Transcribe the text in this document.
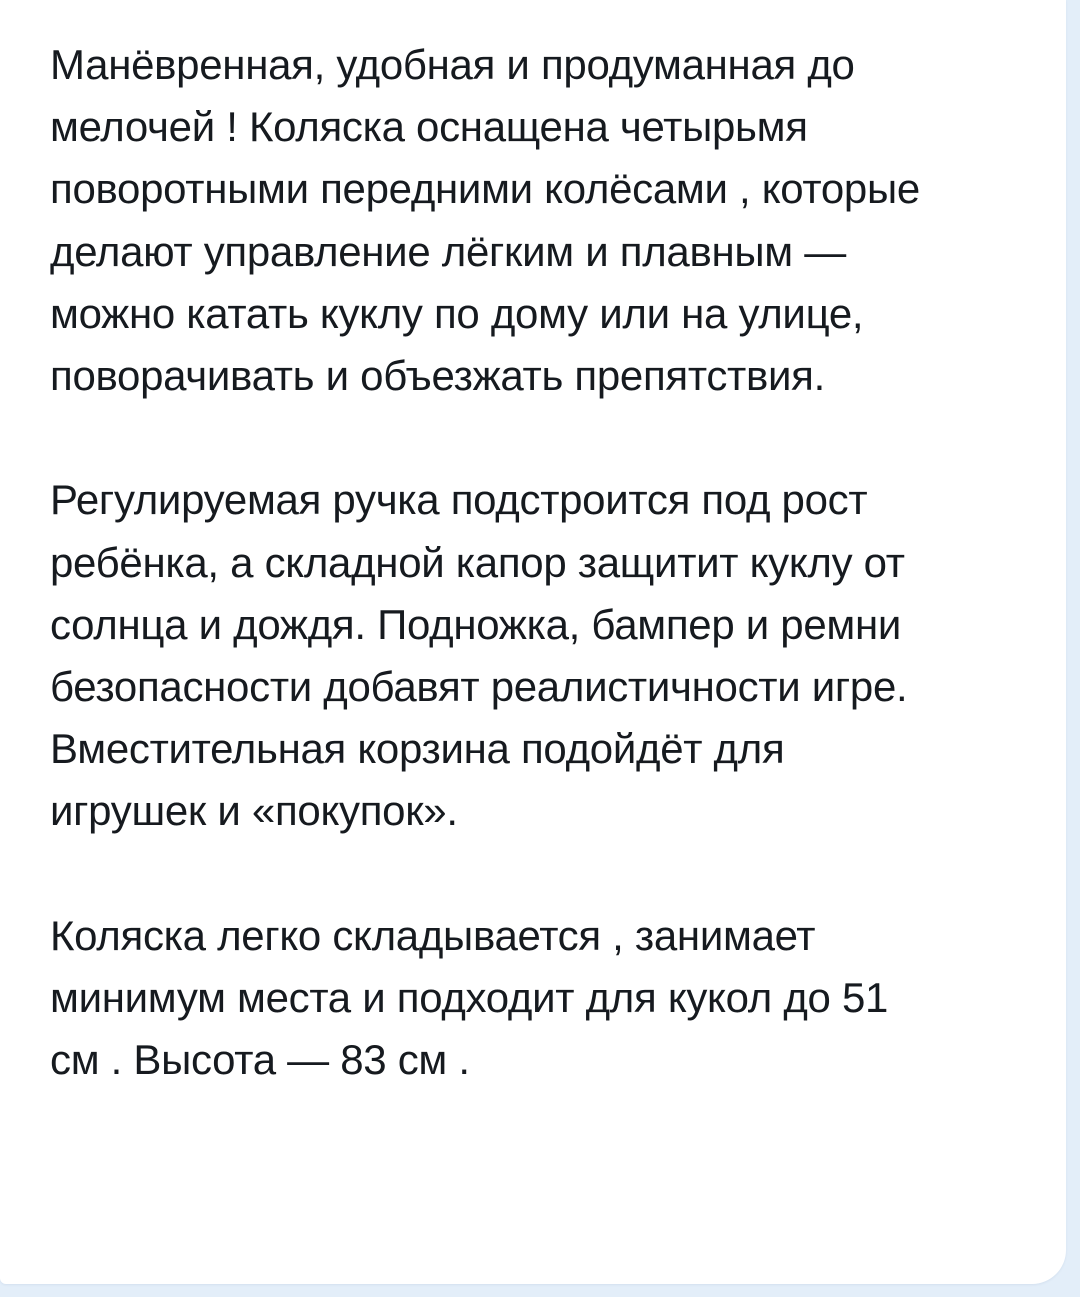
Манёвренная, удобная и продуманная до
мелочей ! Коляска оснащена четырьмя
поворотными передними колёсами , которые
делают управление лёгким и плавным —
можно катать куклу по дому или на улице,
поворачивать и объезжать препятствия.
Регулируемая ручка подстроится под рост
ребёнка, а складной капор защитит куклу от
солнца и дождя. Подножка, бампер и ремни
безопасности добавят реалистичности игре.
Вместительная корзина подойдёт для
игрушек и «покупок».
Коляска легко складывается , занимает
минимум места и подходит для кукол до 51
см . Высота — 83 см .
